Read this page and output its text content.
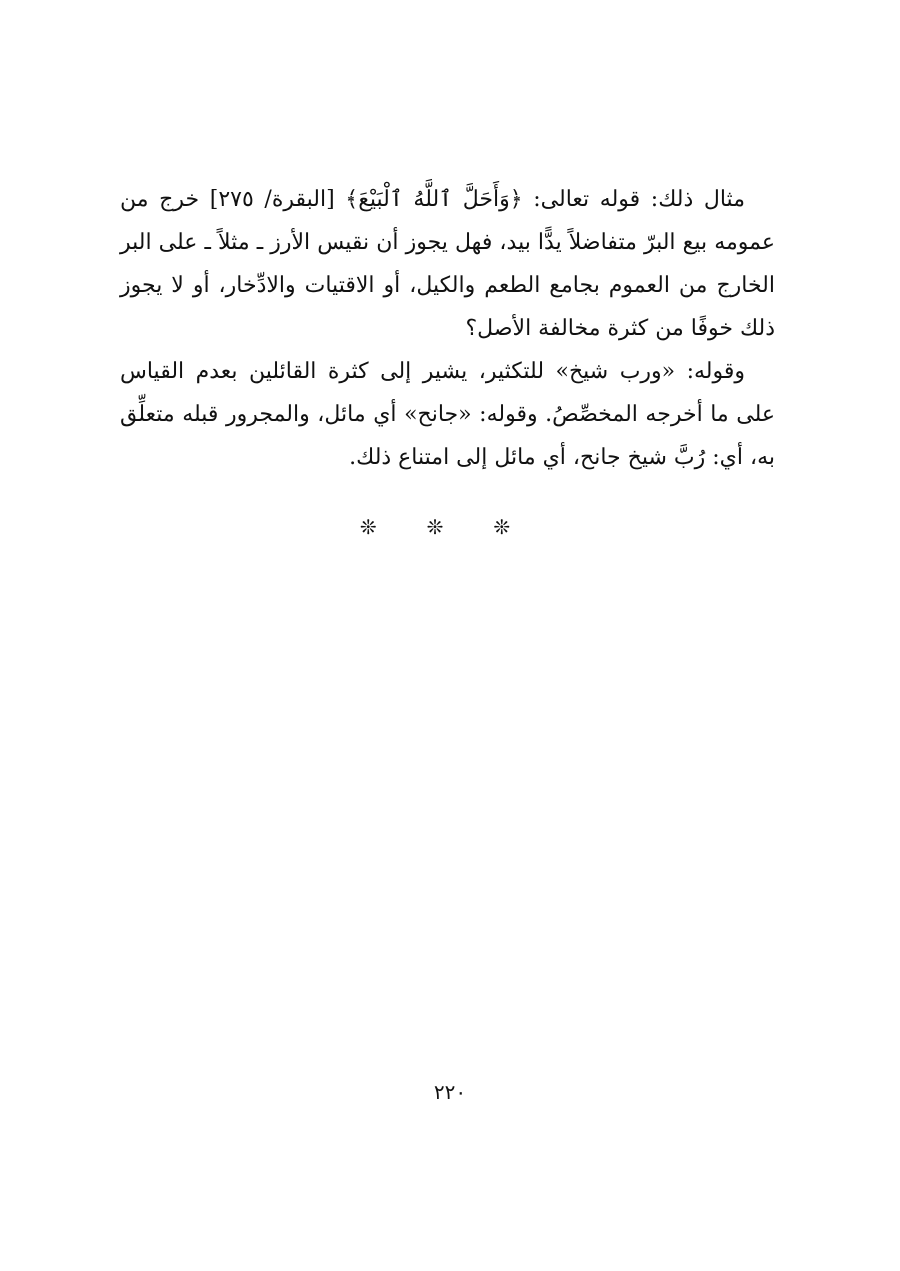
مثال ذلك: قوله تعالى: ﴿وَأَحَلَّ ٱللَّهُ ٱلْبَيْعَ﴾ [البقرة/ ٢٧٥] خرج من عمومه بيع البرّ متفاضلاً يدًّا بيد، فهل يجوز أن نقيس الأرز ـ مثلاً ـ على البر الخارج من العموم بجامع الطعم والكيل، أو الاقتيات والادِّخار، أو لا يجوز ذلك خوفًا من كثرة مخالفة الأصل؟

وقوله: «ورب شيخ» للتكثير، يشير إلى كثرة القائلين بعدم القياس على ما أخرجه المخصِّصُ. وقوله: «جانح» أي مائل، والمجرور قبله متعلِّق به، أي: رُبَّ شيخ جانح، أي مائل إلى امتناع ذلك.

❊ ❊ ❊
٢٢٠
